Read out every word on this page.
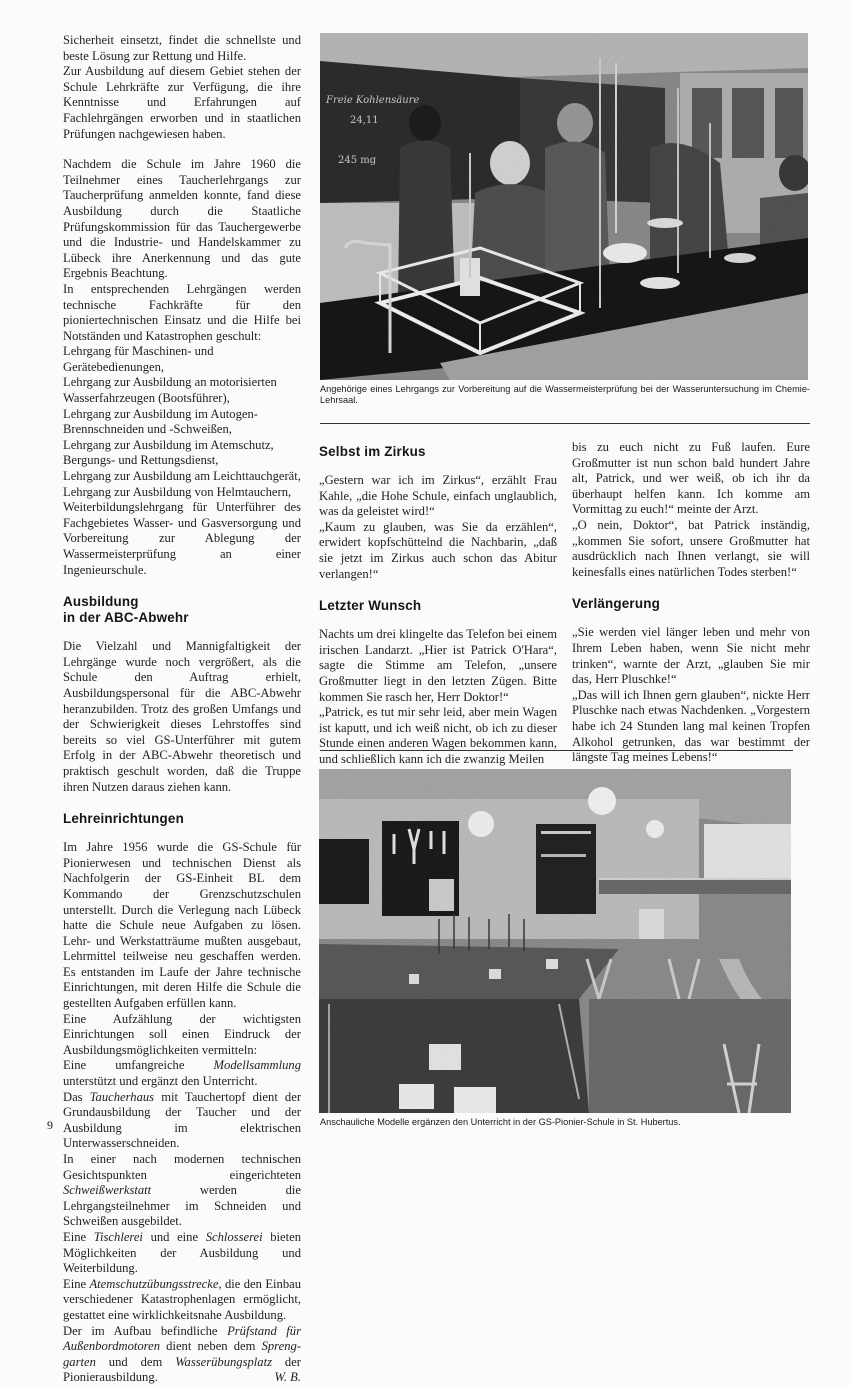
Sicherheit einsetzt, findet die schnellste und beste Lösung zur Rettung und Hilfe.

Zur Ausbildung auf diesem Gebiet stehen der Schule Lehrkräfte zur Verfügung, die ihre Kenntnisse und Erfahrungen auf Fachlehrgängen erworben und in staatlichen Prüfungen nachgewiesen haben.

Nachdem die Schule im Jahre 1960 die Teilnehmer eines Taucherlehrgangs zur Taucherprüfung anmelden konnte, fand diese Ausbildung durch die Staatliche Prüfungskommission für das Tauchergewerbe und die Industrie- und Handelskammer zu Lübeck ihre Anerkennung und das gute Ergebnis Beachtung.

In entsprechenden Lehrgängen werden technische Fachkräfte für den pioniertechnischen Einsatz und die Hilfe bei Notständen und Katastrophen geschult:

Lehrgang für Maschinen- und Gerätebedienungen,

Lehrgang zur Ausbildung an motorisierten Wasserfahrzeugen (Bootsführer),

Lehrgang zur Ausbildung im Autogen-Brennschneiden und -Schweißen,

Lehrgang zur Ausbildung im Atemschutz, Bergungs- und Rettungsdienst,

Lehrgang zur Ausbildung am Leichttauchgerät,

Lehrgang zur Ausbildung von Helmtauchern,

Weiterbildungslehrgang für Unterführer des Fachgebietes Wasser- und Gasversorgung und Vorbereitung zur Ablegung der Wassermeisterprüfung an einer Ingenieurschule.

Ausbildung
in der ABC-Abwehr

Die Vielzahl und Mannigfaltigkeit der Lehrgänge wurde noch vergrößert, als die Schule den Auftrag erhielt, Ausbildungspersonal für die ABC-Abwehr heranzubilden. Trotz des großen Umfangs und der Schwierigkeit dieses Lehrstoffes sind bereits so viel GS-Unterführer mit gutem Erfolg in der ABC-Abwehr theoretisch und praktisch geschult worden, daß die Truppe ihren Nutzen daraus ziehen kann.

Lehreinrichtungen

Im Jahre 1956 wurde die GS-Schule für Pionierwesen und technischen Dienst als Nachfolgerin der GS-Einheit BL dem Kommando der Grenzschutzschulen unterstellt. Durch die Verlegung nach Lübeck hatte die Schule neue Aufgaben zu lösen. Lehr- und Werkstatträume mußten ausgebaut, Lehrmittel teilweise neu geschaffen werden. Es entstanden im Laufe der Jahre technische Einrichtungen, mit deren Hilfe die Schule die gestellten Aufgaben erfüllen kann.

Eine Aufzählung der wichtigsten Einrichtungen soll einen Eindruck der Ausbildungsmöglichkeiten vermitteln:

Eine umfangreiche Modellsammlung unterstützt und ergänzt den Unterricht.

Das Taucherhaus mit Tauchertopf dient der Grundausbildung der Taucher und der Ausbildung im elektrischen Unterwasserschneiden.

In einer nach modernen technischen Gesichtspunkten eingerichteten Schweißwerkstatt werden die Lehrgangsteilnehmer im Schneiden und Schweißen ausgebildet.

Eine Tischlerei und eine Schlosserei bieten Möglichkeiten der Ausbildung und Weiterbildung.

Eine Atemschutzübungsstrecke, die den Einbau verschiedener Katastrophenlagen ermöglicht, gestattet eine wirklichkeitsnahe Ausbildung.

Der im Aufbau befindliche Prüfstand für Außenbordmotoren dient neben dem Sprenggarten und dem Wasserübungsplatz der Pionierausbildung.	W. B.

9
Freie Kohlensäure
24,11
245 mg
Angehörige eines Lehrgangs zur Vorbereitung auf die Wassermeisterprüfung bei der Wasseruntersuchung im Chemie-Lehrsaal.
Selbst im Zirkus

„Gestern war ich im Zirkus“, erzählt Frau Kahle, „die Hohe Schule, einfach unglaublich, was da geleistet wird!“

„Kaum zu glauben, was Sie da erzählen“, erwidert kopfschüttelnd die Nachbarin, „daß sie jetzt im Zirkus auch schon das Abitur verlangen!“

Letzter Wunsch

Nachts um drei klingelte das Telefon bei einem irischen Landarzt. „Hier ist Patrick O'Hara“, sagte die Stimme am Telefon, „unsere Großmutter liegt in den letzten Zügen. Bitte kommen Sie rasch her, Herr Doktor!“

„Patrick, es tut mir sehr leid, aber mein Wagen ist kaputt, und ich weiß nicht, ob ich zu dieser Stunde einen anderen Wagen bekommen kann, und schließlich kann ich die zwanzig Meilen

bis zu euch nicht zu Fuß laufen. Eure Großmutter ist nun schon bald hundert Jahre alt, Patrick, und wer weiß, ob ich ihr da überhaupt helfen kann. Ich komme am Vormittag zu euch!“ meinte der Arzt.

„O nein, Doktor“, bat Patrick inständig, „kommen Sie sofort, unsere Großmutter hat ausdrücklich nach Ihnen verlangt, sie will keinesfalls eines natürlichen Todes sterben!“

Verlängerung

„Sie werden viel länger leben und mehr von Ihrem Leben haben, wenn Sie nicht mehr trinken“, warnte der Arzt, „glauben Sie mir das, Herr Pluschke!“

„Das will ich Ihnen gern glauben“, nickte Herr Pluschke nach etwas Nachdenken. „Vorgestern habe ich 24 Stunden lang mal keinen Tropfen Alkohol getrunken, das war bestimmt der längste Tag meines Lebens!“

Anschauliche Modelle ergänzen den Unterricht in der GS-Pionier-Schule in St. Hubertus.
